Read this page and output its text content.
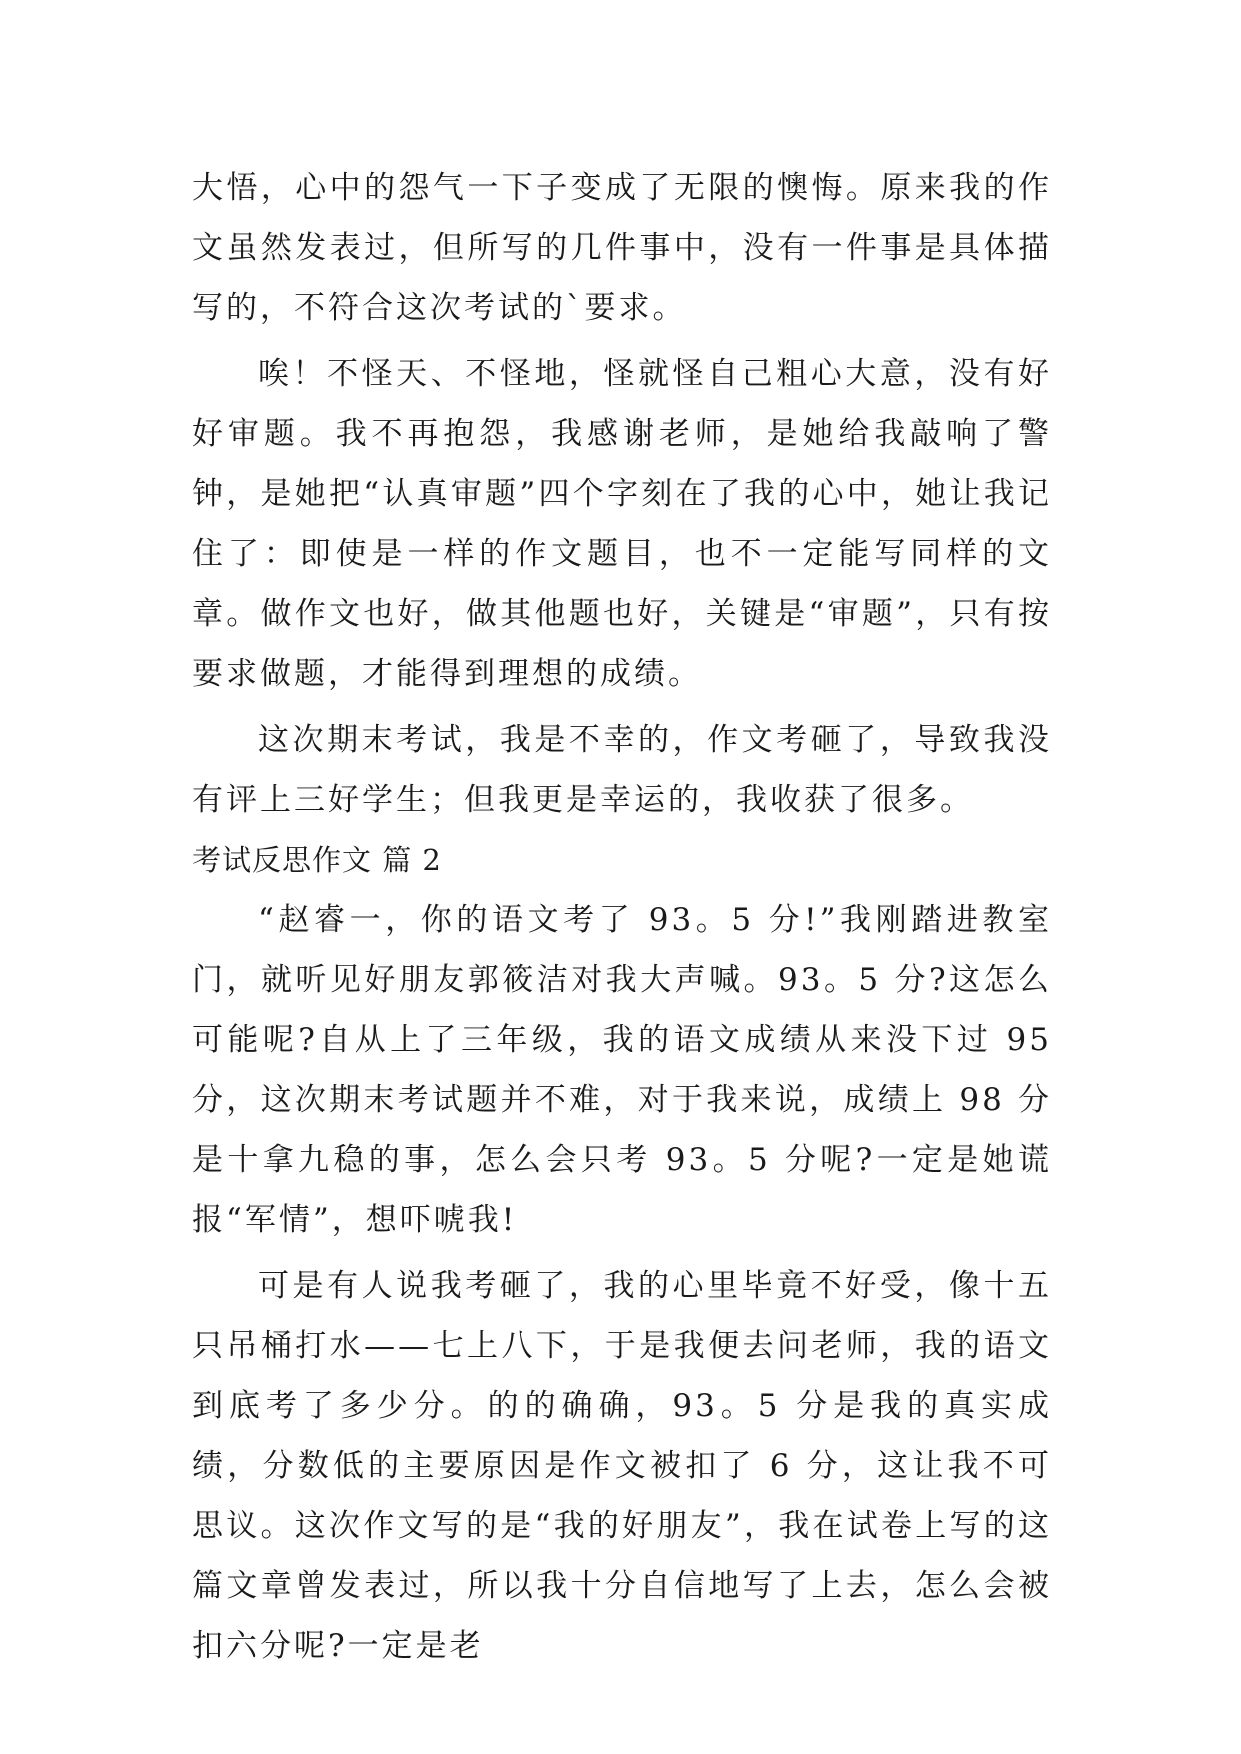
大悟，心中的怨气一下子变成了无限的懊悔。原来我的作文虽然发表过，但所写的几件事中，没有一件事是具体描写的，不符合这次考试的`要求。

唉！不怪天、不怪地，怪就怪自己粗心大意，没有好好审题。我不再抱怨，我感谢老师，是她给我敲响了警钟，是她把“认真审题”四个字刻在了我的心中，她让我记住了：即使是一样的作文题目，也不一定能写同样的文章。做作文也好，做其他题也好，关键是“审题”，只有按要求做题，才能得到理想的成绩。

这次期末考试，我是不幸的，作文考砸了，导致我没有评上三好学生；但我更是幸运的，我收获了很多。

考试反思作文 篇 2

“赵睿一，你的语文考了 93。5 分!”我刚踏进教室门，就听见好朋友郭筱洁对我大声喊。93。5 分?这怎么可能呢?自从上了三年级，我的语文成绩从来没下过 95 分，这次期末考试题并不难，对于我来说，成绩上 98 分是十拿九稳的事，怎么会只考 93。5 分呢?一定是她谎报“军情”，想吓唬我!

可是有人说我考砸了，我的心里毕竟不好受，像十五只吊桶打水——七上八下，于是我便去问老师，我的语文到底考了多少分。的的确确，93。5 分是我的真实成绩，分数低的主要原因是作文被扣了 6 分，这让我不可思议。这次作文写的是“我的好朋友”，我在试卷上写的这篇文章曾发表过，所以我十分自信地写了上去，怎么会被扣六分呢?一定是老
